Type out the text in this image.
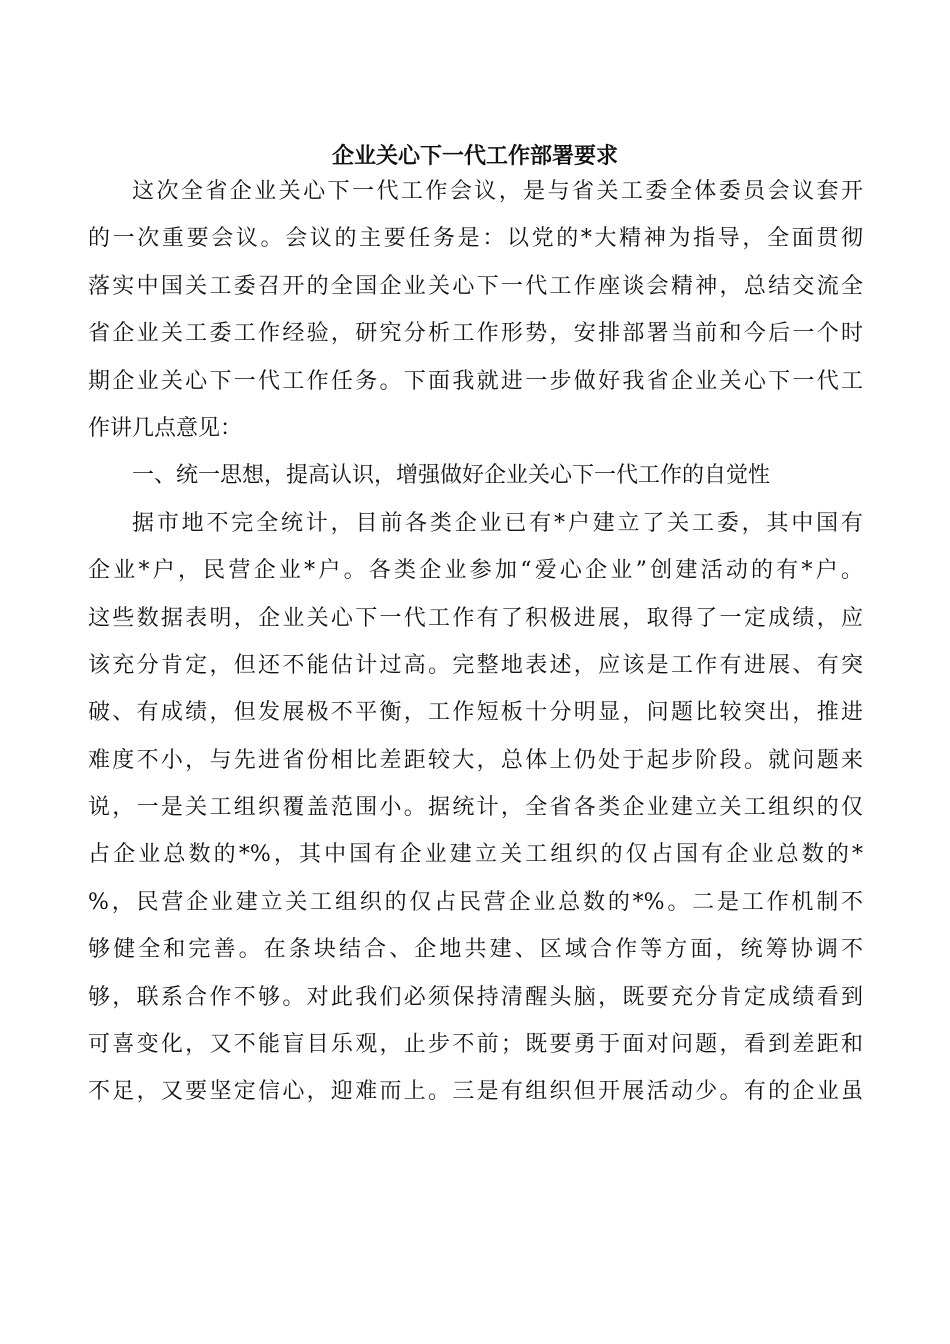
企业关心下一代工作部署要求
这次全省企业关心下一代工作会议，是与省关工委全体委员会议套开
的一次重要会议。会议的主要任务是：以党的*大精神为指导，全面贯彻
落实中国关工委召开的全国企业关心下一代工作座谈会精神，总结交流全
省企业关工委工作经验，研究分析工作形势，安排部署当前和今后一个时
期企业关心下一代工作任务。下面我就进一步做好我省企业关心下一代工
作讲几点意见：
一、统一思想，提高认识，增强做好企业关心下一代工作的自觉性
据市地不完全统计，目前各类企业已有*户建立了关工委，其中国有
企业*户，民营企业*户。各类企业参加“爱心企业”创建活动的有*户。
这些数据表明，企业关心下一代工作有了积极进展，取得了一定成绩，应
该充分肯定，但还不能估计过高。完整地表述，应该是工作有进展、有突
破、有成绩，但发展极不平衡，工作短板十分明显，问题比较突出，推进
难度不小，与先进省份相比差距较大，总体上仍处于起步阶段。就问题来
说，一是关工组织覆盖范围小。据统计，全省各类企业建立关工组织的仅
占企业总数的*%，其中国有企业建立关工组织的仅占国有企业总数的*
%，民营企业建立关工组织的仅占民营企业总数的*%。二是工作机制不
够健全和完善。在条块结合、企地共建、区域合作等方面，统筹协调不
够，联系合作不够。对此我们必须保持清醒头脑，既要充分肯定成绩看到
可喜变化，又不能盲目乐观，止步不前；既要勇于面对问题，看到差距和
不足，又要坚定信心，迎难而上。三是有组织但开展活动少。有的企业虽
